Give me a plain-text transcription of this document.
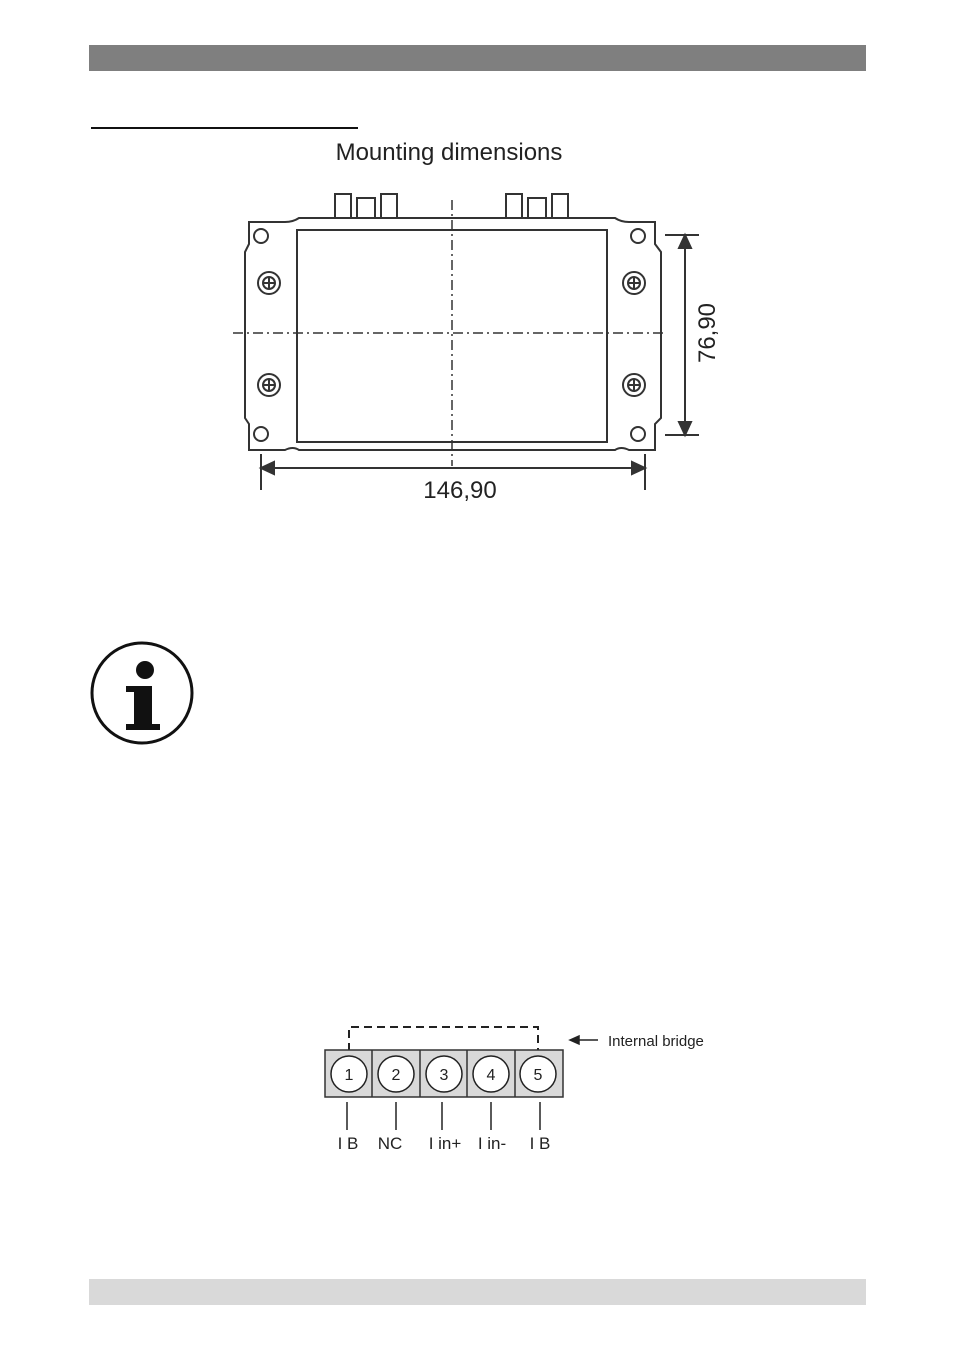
Mounting dimensions
76,90
146,90
Internal bridge
1
I B
2
NC
3
I in+
4
I in-
5
I B
